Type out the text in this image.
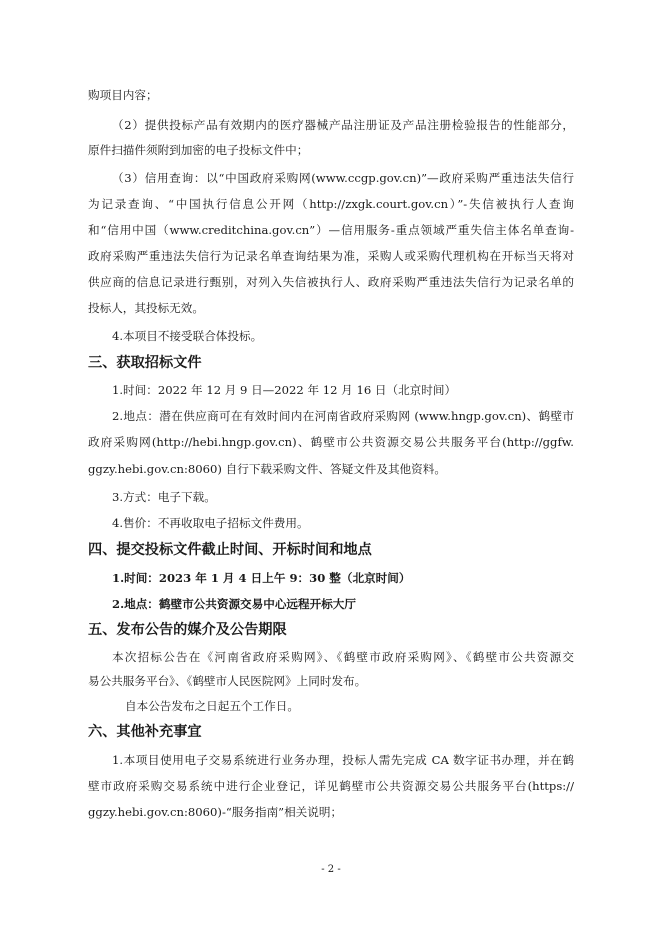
购项目内容；
（2）提供投标产品有效期内的医疗器械产品注册证及产品注册检验报告的性能部分，
原件扫描件须附到加密的电子投标文件中；
（3）信用查询：以“中国政府采购网(www.ccgp.gov.cn)”—政府采购严重违法失信行
为记录查询、“中国执行信息公开网（http://zxgk.court.gov.cn）”-失信被执行人查询
和“信用中国（www.creditchina.gov.cn”）—信用服务-重点领域严重失信主体名单查询-
政府采购严重违法失信行为记录名单查询结果为准，采购人或采购代理机构在开标当天将对
供应商的信息记录进行甄别，对列入失信被执行人、政府采购严重违法失信行为记录名单的
投标人，其投标无效。
4.本项目不接受联合体投标。
三、获取招标文件
1.时间：2022 年 12 月 9 日—2022 年 12 月 16 日（北京时间）
2.地点：潜在供应商可在有效时间内在河南省政府采购网 (www.hngp.gov.cn)、鹤壁市
政府采购网(http://hebi.hngp.gov.cn)、鹤壁市公共资源交易公共服务平台(http://ggfw.
ggzy.hebi.gov.cn:8060) 自行下载采购文件、答疑文件及其他资料。
3.方式：电子下载。
4.售价：不再收取电子招标文件费用。
四、提交投标文件截止时间、开标时间和地点
1.时间：2023 年 1 月 4 日上午 9：30 整（北京时间）
2.地点：鹤壁市公共资源交易中心远程开标大厅
五、发布公告的媒介及公告期限
本次招标公告在《河南省政府采购网》、《鹤壁市政府采购网》、《鹤壁市公共资源交
易公共服务平台》、《鹤壁市人民医院网》上同时发布。
自本公告发布之日起五个工作日。
六、其他补充事宜
1.本项目使用电子交易系统进行业务办理，投标人需先完成 CA 数字证书办理，并在鹤
壁市政府采购交易系统中进行企业登记，详见鹤壁市公共资源交易公共服务平台(https://
ggzy.hebi.gov.cn:8060)-“服务指南”相关说明；
- 2 -
